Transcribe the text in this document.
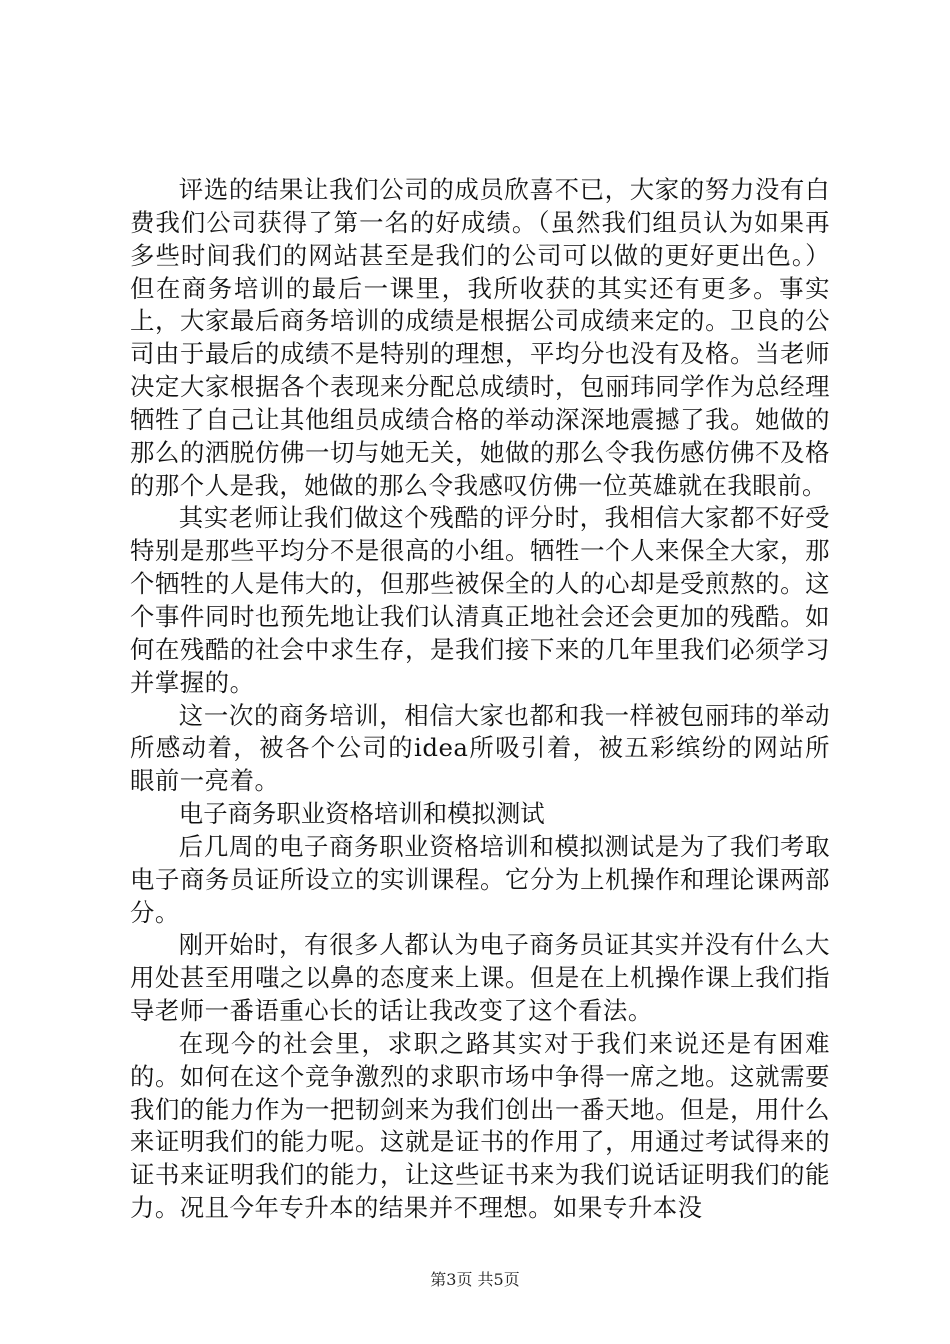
评选的结果让我们公司的成员欣喜不已，大家的努力没有白费我们公司获得了第一名的好成绩。（虽然我们组员认为如果再多些时间我们的网站甚至是我们的公司可以做的更好更出色。）但在商务培训的最后一课里，我所收获的其实还有更多。事实上，大家最后商务培训的成绩是根据公司成绩来定的。卫良的公司由于最后的成绩不是特别的理想，平均分也没有及格。当老师决定大家根据各个表现来分配总成绩时，包丽玮同学作为总经理牺牲了自己让其他组员成绩合格的举动深深地震撼了我。她做的那么的洒脱仿佛一切与她无关，她做的那么令我伤感仿佛不及格的那个人是我，她做的那么令我感叹仿佛一位英雄就在我眼前。

其实老师让我们做这个残酷的评分时，我相信大家都不好受特别是那些平均分不是很高的小组。牺牲一个人来保全大家，那个牺牲的人是伟大的，但那些被保全的人的心却是受煎熬的。这个事件同时也预先地让我们认清真正地社会还会更加的残酷。如何在残酷的社会中求生存，是我们接下来的几年里我们必须学习并掌握的。

这一次的商务培训，相信大家也都和我一样被包丽玮的举动所感动着，被各个公司的idea所吸引着，被五彩缤纷的网站所眼前一亮着。

电子商务职业资格培训和模拟测试

后几周的电子商务职业资格培训和模拟测试是为了我们考取电子商务员证所设立的实训课程。它分为上机操作和理论课两部分。

刚开始时，有很多人都认为电子商务员证其实并没有什么大用处甚至用嗤之以鼻的态度来上课。但是在上机操作课上我们指导老师一番语重心长的话让我改变了这个看法。

在现今的社会里，求职之路其实对于我们来说还是有困难的。如何在这个竞争激烈的求职市场中争得一席之地。这就需要我们的能力作为一把韧剑来为我们创出一番天地。但是，用什么来证明我们的能力呢。这就是证书的作用了，用通过考试得来的证书来证明我们的能力，让这些证书来为我们说话证明我们的能力。况且今年专升本的结果并不理想。如果专升本没

第3页 共5页
